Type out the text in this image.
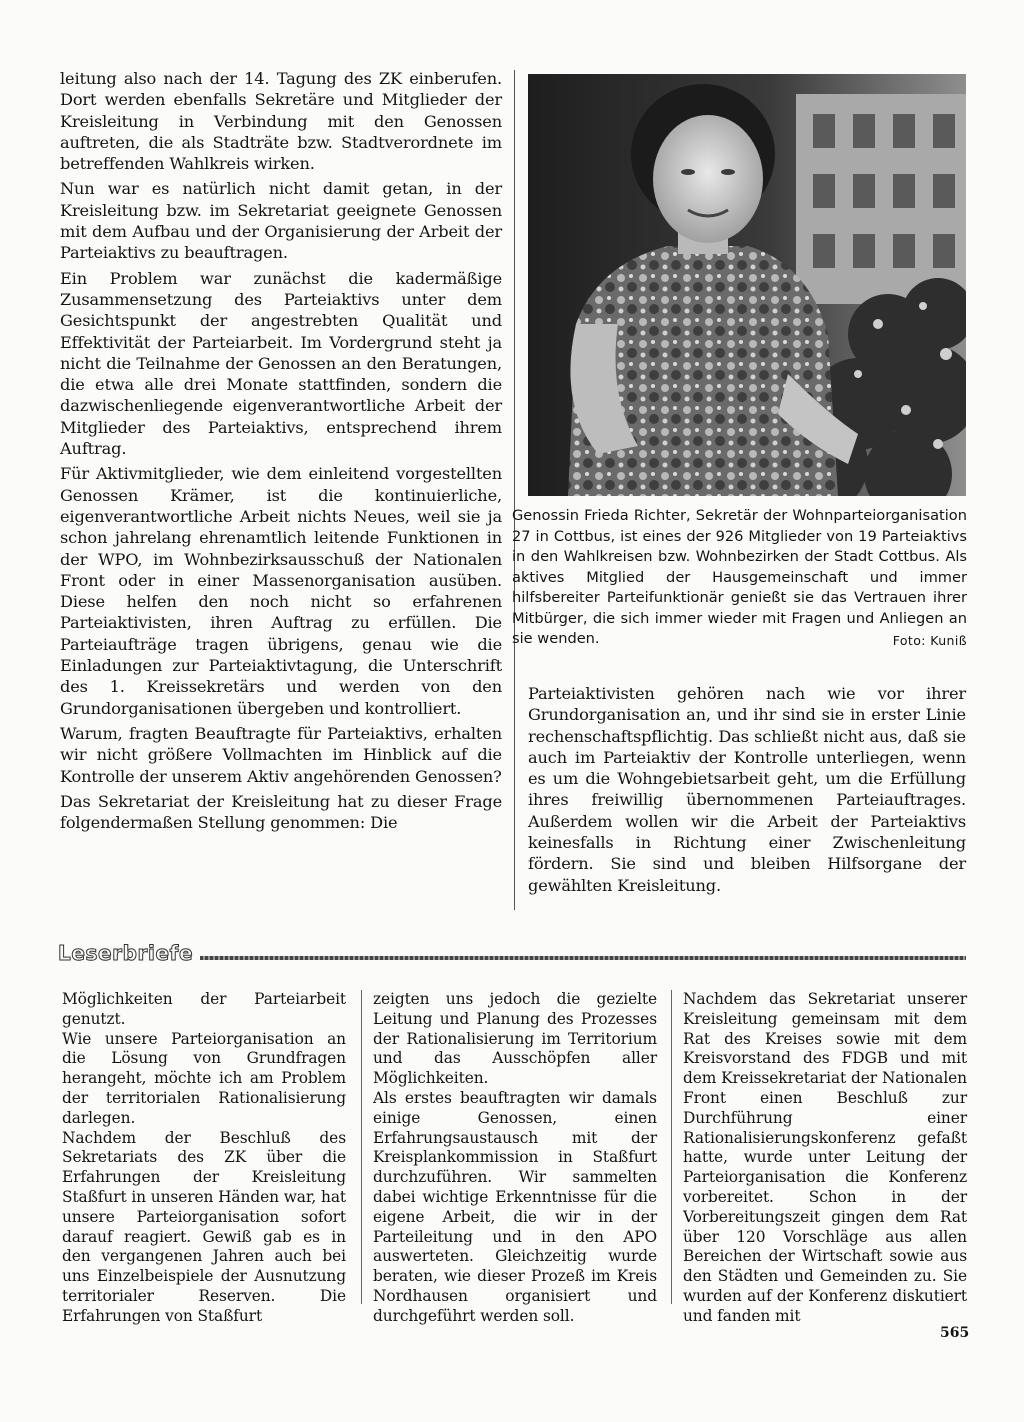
leitung also nach der 14. Tagung des ZK einberufen. Dort werden ebenfalls Sekretäre und Mitglieder der Kreisleitung in Verbindung mit den Genossen auftreten, die als Stadträte bzw. Stadtverordnete im betreffenden Wahlkreis wirken.

Nun war es natürlich nicht damit getan, in der Kreisleitung bzw. im Sekretariat geeignete Genossen mit dem Aufbau und der Organisierung der Arbeit der Parteiaktivs zu beauftragen.

Ein Problem war zunächst die kadermäßige Zusammensetzung des Parteiaktivs unter dem Gesichtspunkt der angestrebten Qualität und Effektivität der Parteiarbeit. Im Vordergrund steht ja nicht die Teilnahme der Genossen an den Beratungen, die etwa alle drei Monate stattfinden, sondern die dazwischenliegende eigenverantwortliche Arbeit der Mitglieder des Parteiaktivs, entsprechend ihrem Auftrag.

Für Aktivmitglieder, wie dem einleitend vorgestellten Genossen Krämer, ist die kontinuierliche, eigenverantwortliche Arbeit nichts Neues, weil sie ja schon jahrelang ehrenamtlich leitende Funktionen in der WPO, im Wohnbezirksausschuß der Nationalen Front oder in einer Massenorganisation ausüben. Diese helfen den noch nicht so erfahrenen Parteiaktivisten, ihren Auftrag zu erfüllen. Die Parteiaufträge tragen übrigens, genau wie die Einladungen zur Parteiaktivtagung, die Unterschrift des 1. Kreissekretärs und werden von den Grundorganisationen übergeben und kontrolliert.

Warum, fragten Beauftragte für Parteiaktivs, erhalten wir nicht größere Vollmachten im Hinblick auf die Kontrolle der unserem Aktiv angehörenden Genossen?

Das Sekretariat der Kreisleitung hat zu dieser Frage folgendermaßen Stellung genommen: Die

Genossin Frieda Richter, Sekretär der Wohnparteiorganisation 27 in Cottbus, ist eines der 926 Mitglieder von 19 Parteiaktivs in den Wahlkreisen bzw. Wohnbezirken der Stadt Cottbus. Als aktives Mitglied der Hausgemeinschaft und immer hilfsbereiter Parteifunktionär genießt sie das Vertrauen ihrer Mitbürger, die sich immer wieder mit Fragen und Anliegen an sie wenden.	Foto: Kuniß

Parteiaktivisten gehören nach wie vor ihrer Grundorganisation an, und ihr sind sie in erster Linie rechenschaftspflichtig. Das schließt nicht aus, daß sie auch im Parteiaktiv der Kontrolle unterliegen, wenn es um die Wohngebietsarbeit geht, um die Erfüllung ihres freiwillig übernommenen Parteiauftrages. Außerdem wollen wir die Arbeit der Parteiaktivs keinesfalls in Richtung einer Zwischenleitung fördern. Sie sind und bleiben Hilfsorgane der gewählten Kreisleitung.

Leserbriefe

Möglichkeiten der Parteiarbeit genutzt.

Wie unsere Parteiorganisation an die Lösung von Grundfragen herangeht, möchte ich am Problem der territorialen Rationalisierung darlegen.

Nachdem der Beschluß des Sekretariats des ZK über die Erfahrungen der Kreisleitung Staßfurt in unseren Händen war, hat unsere Parteiorganisation sofort darauf reagiert. Gewiß gab es in den vergangenen Jahren auch bei uns Einzelbeispiele der Ausnutzung territorialer Reserven. Die Erfahrungen von Staßfurt

zeigten uns jedoch die gezielte Leitung und Planung des Prozesses der Rationalisierung im Territorium und das Ausschöpfen aller Möglichkeiten.

Als erstes beauftragten wir damals einige Genossen, einen Erfahrungsaustausch mit der Kreisplankommission in Staßfurt durchzuführen. Wir sammelten dabei wichtige Erkenntnisse für die eigene Arbeit, die wir in der Parteileitung und in den APO auswerteten. Gleichzeitig wurde beraten, wie dieser Prozeß im Kreis Nordhausen organisiert und durchgeführt werden soll.

Nachdem das Sekretariat unserer Kreisleitung gemeinsam mit dem Rat des Kreises sowie mit dem Kreisvorstand des FDGB und mit dem Kreissekretariat der Nationalen Front einen Beschluß zur Durchführung einer Rationalisierungskonferenz gefaßt hatte, wurde unter Leitung der Parteiorganisation die Konferenz vorbereitet. Schon in der Vorbereitungszeit gingen dem Rat über 120 Vorschläge aus allen Bereichen der Wirtschaft sowie aus den Städten und Gemeinden zu. Sie wurden auf der Konferenz diskutiert und fanden mit

565
